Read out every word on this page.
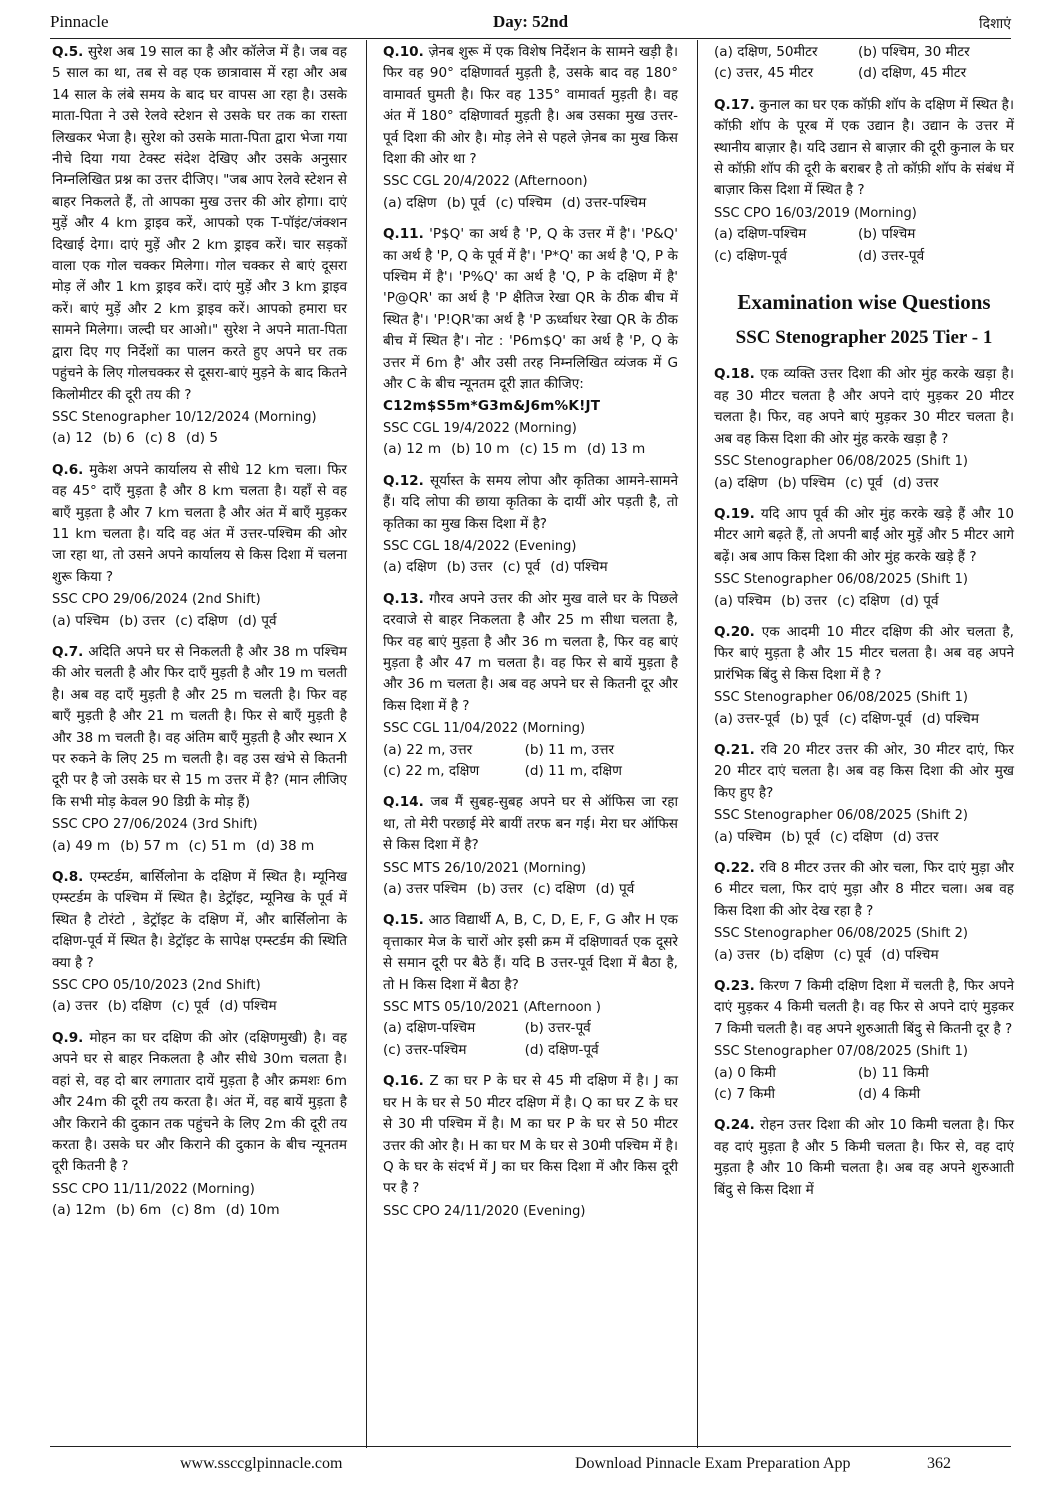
Pinnacle	Day: 52nd	दिशाएं
Q.5. सुरेश अब 19 साल का है और कॉलेज में है। जब वह 5 साल का था, तब से वह एक छात्रावास में रहा और अब 14 साल के लंबे समय के बाद घर वापस आ रहा है। उसके माता-पिता ने उसे रेलवे स्टेशन से उसके घर तक का रास्ता लिखकर भेजा है। सुरेश को उसके माता-पिता द्वारा भेजा गया नीचे दिया गया टेक्स्ट संदेश देखिए और उसके अनुसार निम्नलिखित प्रश्न का उत्तर दीजिए। "जब आप रेलवे स्टेशन से बाहर निकलते हैं, तो आपका मुख उत्तर की ओर होगा। दाएं मुड़ें और 4 km ड्राइव करें, आपको एक T-पॉइंट/जंक्शन दिखाई देगा। दाएं मुड़ें और 2 km ड्राइव करें। चार सड़कों वाला एक गोल चक्कर मिलेगा। गोल चक्कर से बाएं दूसरा मोड़ लें और 1 km ड्राइव करें। दाएं मुड़ें और 3 km ड्राइव करें। बाएं मुड़ें और 2 km ड्राइव करें। आपको हमारा घर सामने मिलेगा। जल्दी घर आओ।" सुरेश ने अपने माता-पिता द्वारा दिए गए निर्देशों का पालन करते हुए अपने घर तक पहुंचने के लिए गोलचक्कर से दूसरा-बाएं मुड़ने के बाद कितने किलोमीटर की दूरी तय की ?
SSC Stenographer 10/12/2024 (Morning)
(a) 12 (b) 6 (c) 8 (d) 5
Q.6. मुकेश अपने कार्यालय से सीधे 12 km चला। फिर वह 45° दाएँ मुड़ता है और 8 km चलता है। यहाँ से वह बाएँ मुड़ता है और 7 km चलता है और अंत में बाएँ मुड़कर 11 km चलता है। यदि वह अंत में उत्तर-पश्चिम की ओर जा रहा था, तो उसने अपने कार्यालय से किस दिशा में चलना शुरू किया ?
SSC CPO 29/06/2024 (2nd Shift)
(a) पश्चिम (b) उत्तर (c) दक्षिण (d) पूर्व
Q.7. अदिति अपने घर से निकलती है और 38 m पश्चिम की ओर चलती है और फिर दाएँ मुड़ती है और 19 m चलती है। अब वह दाएँ मुड़ती है और 25 m चलती है। फिर वह बाएँ मुड़ती है और 21 m चलती है। फिर से बाएँ मुड़ती है और 38 m चलती है। वह अंतिम बाएँ मुड़ती है और स्थान X पर रुकने के लिए 25 m चलती है। वह उस खंभे से कितनी दूरी पर है जो उसके घर से 15 m उत्तर में है? (मान लीजिए कि सभी मोड़ केवल 90 डिग्री के मोड़ हैं)
SSC CPO 27/06/2024 (3rd Shift)
(a) 49 m (b) 57 m (c) 51 m (d) 38 m
Q.8. एम्स्टर्डम, बार्सिलोना के दक्षिण में स्थित है। म्यूनिख एम्स्टर्डम के पश्चिम में स्थित है। डेट्रॉइट, म्यूनिख के पूर्व में स्थित है टोरंटो , डेट्रॉइट के दक्षिण में, और बार्सिलोना के दक्षिण-पूर्व में स्थित है। डेट्रॉइट के सापेक्ष एम्स्टर्डम की स्थिति क्या है ?
SSC CPO 05/10/2023 (2nd Shift)
(a) उत्तर (b) दक्षिण (c) पूर्व (d) पश्चिम
Q.9. मोहन का घर दक्षिण की ओर (दक्षिणमुखी) है। वह अपने घर से बाहर निकलता है और सीधे 30m चलता है। वहां से, वह दो बार लगातार दायें मुड़ता है और क्रमशः 6m और 24m की दूरी तय करता है। अंत में, वह बायें मुड़ता है और किराने की दुकान तक पहुंचने के लिए 2m की दूरी तय करता है। उसके घर और किराने की दुकान के बीच न्यूनतम दूरी कितनी है ?
SSC CPO 11/11/2022 (Morning)
(a) 12m (b) 6m (c) 8m (d) 10m
Q.10. ज़ेनब शुरू में एक विशेष निर्देशन के सामने खड़ी है। फिर वह 90° दक्षिणावर्त मुड़ती है, उसके बाद वह 180° वामावर्त घुमती है। फिर वह 135° वामावर्त मुड़ती है। वह अंत में 180° दक्षिणावर्त मुड़ती है। अब उसका मुख उत्तर-पूर्व दिशा की ओर है। मोड़ लेने से पहले ज़ेनब का मुख किस दिशा की ओर था ?
SSC CGL 20/4/2022 (Afternoon)
(a) दक्षिण (b) पूर्व (c) पश्चिम (d) उत्तर-पश्चिम
Q.11. 'P$Q' का अर्थ है 'P, Q के उत्तर में है'। 'P&Q' का अर्थ है 'P, Q के पूर्व में है'। 'P*Q' का अर्थ है 'Q, P के पश्चिम में है'। 'P%Q' का अर्थ है 'Q, P के दक्षिण में है' 'P@QR' का अर्थ है 'P क्षैतिज रेखा QR के ठीक बीच में स्थित है'। 'P!QR'का अर्थ है 'P ऊर्ध्वाधर रेखा QR के ठीक बीच में स्थित है'। नोट : 'P6m$Q' का अर्थ है 'P, Q के उत्तर में 6m है' और उसी तरह निम्नलिखित व्यंजक में G और C के बीच न्यूनतम दूरी ज्ञात कीजिए:
C12m$S5m*G3m&J6m%K!JT
SSC CGL 19/4/2022 (Morning)
(a) 12 m (b) 10 m (c) 15 m (d) 13 m
Q.12. सूर्यास्त के समय लोपा और कृतिका आमने-सामने हैं। यदि लोपा की छाया कृतिका के दायीं ओर पड़ती है, तो कृतिका का मुख किस दिशा में है?
SSC CGL 18/4/2022 (Evening)
(a) दक्षिण (b) उत्तर (c) पूर्व (d) पश्चिम
Q.13. गौरव अपने उत्तर की ओर मुख वाले घर के पिछले दरवाजे से बाहर निकलता है और 25 m सीधा चलता है, फिर वह बाएं मुड़ता है और 36 m चलता है, फिर वह बाएं मुड़ता है और 47 m चलता है। वह फिर से बायें मुड़ता है और 36 m चलता है। अब वह अपने घर से कितनी दूर और किस दिशा में है ?
SSC CGL 11/04/2022 (Morning)
(a) 22 m, उत्तर	(b) 11 m, उत्तर
(c) 22 m, दक्षिण	(d) 11 m, दक्षिण
Q.14. जब मैं सुबह-सुबह अपने घर से ऑफिस जा रहा था, तो मेरी परछाई मेरे बायीं तरफ बन गई। मेरा घर ऑफिस से किस दिशा में है?
SSC MTS 26/10/2021 (Morning)
(a) उत्तर पश्चिम (b) उत्तर (c) दक्षिण (d) पूर्व
Q.15. आठ विद्यार्थी A, B, C, D, E, F, G और H एक वृत्ताकार मेज के चारों ओर इसी क्रम में दक्षिणावर्त एक दूसरे से समान दूरी पर बैठे हैं। यदि B उत्तर-पूर्व दिशा में बैठा है, तो H किस दिशा में बैठा है?
SSC MTS 05/10/2021 (Afternoon )
(a) दक्षिण-पश्चिम	(b) उत्तर-पूर्व
(c) उत्तर-पश्चिम	(d) दक्षिण-पूर्व
Q.16. Z का घर P के घर से 45 मी दक्षिण में है। J का घर H के घर से 50 मीटर दक्षिण में है। Q का घर Z के घर से 30 मी पश्चिम में है। M का घर P के घर से 50 मीटर उत्तर की ओर है। H का घर M के घर से 30मी पश्चिम में है। Q के घर के संदर्भ में J का घर किस दिशा में और किस दूरी पर है ?
SSC CPO 24/11/2020 (Evening)
(a) दक्षिण, 50मीटर	(b) पश्चिम, 30 मीटर
(c) उत्तर, 45 मीटर	(d) दक्षिण, 45 मीटर
Q.17. कुनाल का घर एक कॉफ़ी शॉप के दक्षिण में स्थित है। कॉफ़ी शॉप के पूरब में एक उद्यान है। उद्यान के उत्तर में स्थानीय बाज़ार है। यदि उद्यान से बाज़ार की दूरी कुनाल के घर से कॉफ़ी शॉप की दूरी के बराबर है तो कॉफ़ी शॉप के संबंध में बाज़ार किस दिशा में स्थित है ?
SSC CPO 16/03/2019 (Morning)
(a) दक्षिण-पश्चिम	(b) पश्चिम
(c) दक्षिण-पूर्व	(d) उत्तर-पूर्व
Examination wise Questions
SSC Stenographer 2025 Tier - 1
Q.18. एक व्यक्ति उत्तर दिशा की ओर मुंह करके खड़ा है। वह 30 मीटर चलता है और अपने दाएं मुड़कर 20 मीटर चलता है। फिर, वह अपने बाएं मुड़कर 30 मीटर चलता है। अब वह किस दिशा की ओर मुंह करके खड़ा है ?
SSC Stenographer 06/08/2025 (Shift 1)
(a) दक्षिण (b) पश्चिम (c) पूर्व (d) उत्तर
Q.19. यदि आप पूर्व की ओर मुंह करके खड़े हैं और 10 मीटर आगे बढ़ते हैं, तो अपनी बाईं ओर मुड़ें और 5 मीटर आगे बढ़ें। अब आप किस दिशा की ओर मुंह करके खड़े हैं ?
SSC Stenographer 06/08/2025 (Shift 1)
(a) पश्चिम (b) उत्तर (c) दक्षिण (d) पूर्व
Q.20. एक आदमी 10 मीटर दक्षिण की ओर चलता है, फिर बाएं मुड़ता है और 15 मीटर चलता है। अब वह अपने प्रारंभिक बिंदु से किस दिशा में है ?
SSC Stenographer 06/08/2025 (Shift 1)
(a) उत्तर-पूर्व (b) पूर्व (c) दक्षिण-पूर्व (d) पश्चिम
Q.21. रवि 20 मीटर उत्तर की ओर, 30 मीटर दाएं, फिर 20 मीटर दाएं चलता है। अब वह किस दिशा की ओर मुख किए हुए है?
SSC Stenographer 06/08/2025 (Shift 2)
(a) पश्चिम (b) पूर्व (c) दक्षिण (d) उत्तर
Q.22. रवि 8 मीटर उत्तर की ओर चला, फिर दाएं मुड़ा और 6 मीटर चला, फिर दाएं मुड़ा और 8 मीटर चला। अब वह किस दिशा की ओर देख रहा है ?
SSC Stenographer 06/08/2025 (Shift 2)
(a) उत्तर (b) दक्षिण (c) पूर्व (d) पश्चिम
Q.23. किरण 7 किमी दक्षिण दिशा में चलती है, फिर अपने दाएं मुड़कर 4 किमी चलती है। वह फिर से अपने दाएं मुड़कर 7 किमी चलती है। वह अपने शुरुआती बिंदु से कितनी दूर है ?
SSC Stenographer 07/08/2025 (Shift 1)
(a) 0 किमी	(b) 11 किमी
(c) 7 किमी	(d) 4 किमी
Q.24. रोहन उत्तर दिशा की ओर 10 किमी चलता है। फिर वह दाएं मुड़ता है और 5 किमी चलता है। फिर से, वह दाएं मुड़ता है और 10 किमी चलता है। अब वह अपने शुरुआती बिंदु से किस दिशा में
www.ssccglpinnacle.com	Download Pinnacle Exam Preparation App	362
